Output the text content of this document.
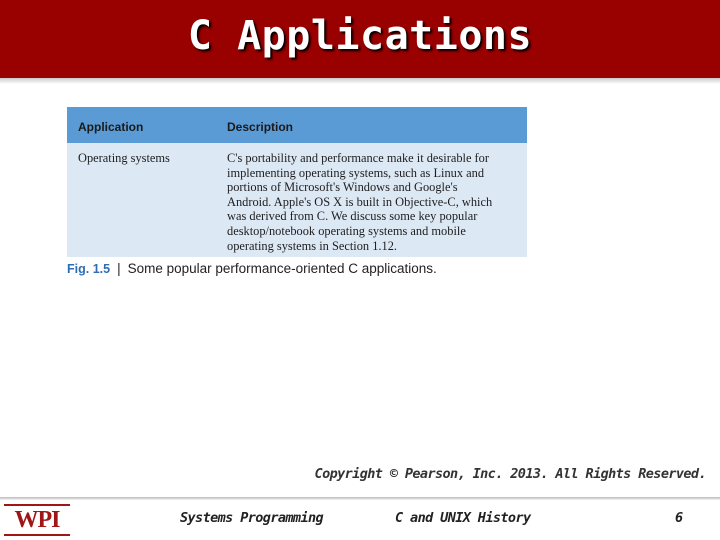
C Applications
Application	Description
Operating systems	C's portability and performance make it desirable for
implementing operating systems, such as Linux and
portions of Microsoft's Windows and Google's
Android. Apple's OS X is built in Objective-C, which
was derived from C. We discuss some key popular
desktop/notebook operating systems and mobile
operating systems in Section 1.12.
Fig. 1.5 | Some popular performance-oriented C applications.
Copyright © Pearson, Inc. 2013. All Rights Reserved.
WPI	Systems Programming	C and UNIX History	6
